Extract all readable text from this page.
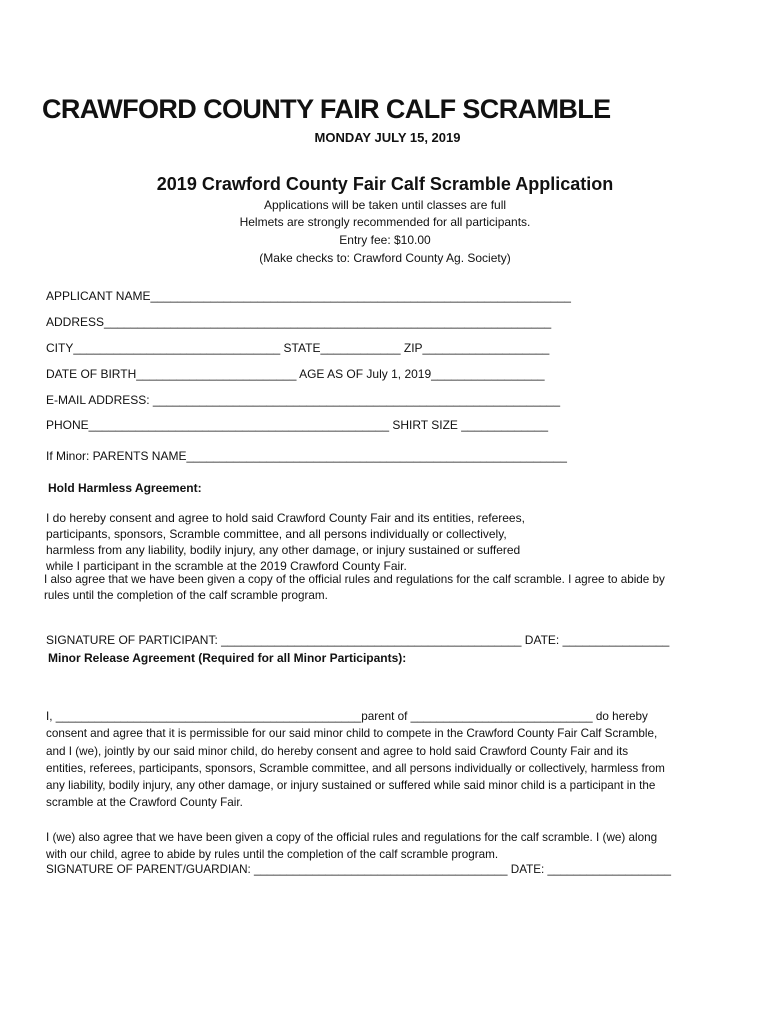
CRAWFORD COUNTY FAIR CALF SCRAMBLE
MONDAY JULY 15, 2019
2019 Crawford County Fair Calf Scramble Application
Applications will be taken until classes are full
Helmets are strongly recommended for all participants.
Entry fee: $10.00
(Make checks to: Crawford County Ag. Society)
APPLICANT NAME_______________________________________________________________
ADDRESS___________________________________________________________________
CITY_______________________________ STATE____________ ZIP___________________
DATE OF BIRTH________________________ AGE AS OF July 1, 2019_________________
E-MAIL ADDRESS: _____________________________________________________________
PHONE_____________________________________________ SHIRT SIZE _____________
If Minor: PARENTS NAME_________________________________________________________
Hold Harmless Agreement:
I do hereby consent and agree to hold said Crawford County Fair and its entities, referees,
participants, sponsors, Scramble committee, and all persons individually or collectively,
harmless from any liability, bodily injury, any other damage, or injury sustained or suffered
while I participant in the scramble at the 2019 Crawford County Fair.
I also agree that we have been given a copy of the official rules and regulations for the calf scramble. I agree to abide by
rules until the completion of the calf scramble program.
SIGNATURE OF PARTICIPANT: _____________________________________________ DATE: ________________
Minor Release Agreement (Required for all Minor Participants):
I, _______________________________________________parent of ____________________________ do hereby
consent and agree that it is permissible for our said minor child to compete in the Crawford County Fair Calf Scramble,
and I (we), jointly by our said minor child, do hereby consent and agree to hold said Crawford County Fair and its
entities, referees, participants, sponsors, Scramble committee, and all persons individually or collectively, harmless from
any liability, bodily injury, any other damage, or injury sustained or suffered while said minor child is a participant in the
scramble at the Crawford County Fair.
I (we) also agree that we have been given a copy of the official rules and regulations for the calf scramble. I (we) along
with our child, agree to abide by rules until the completion of the calf scramble program.
SIGNATURE OF PARENT/GUARDIAN: _______________________________________ DATE: ___________________
